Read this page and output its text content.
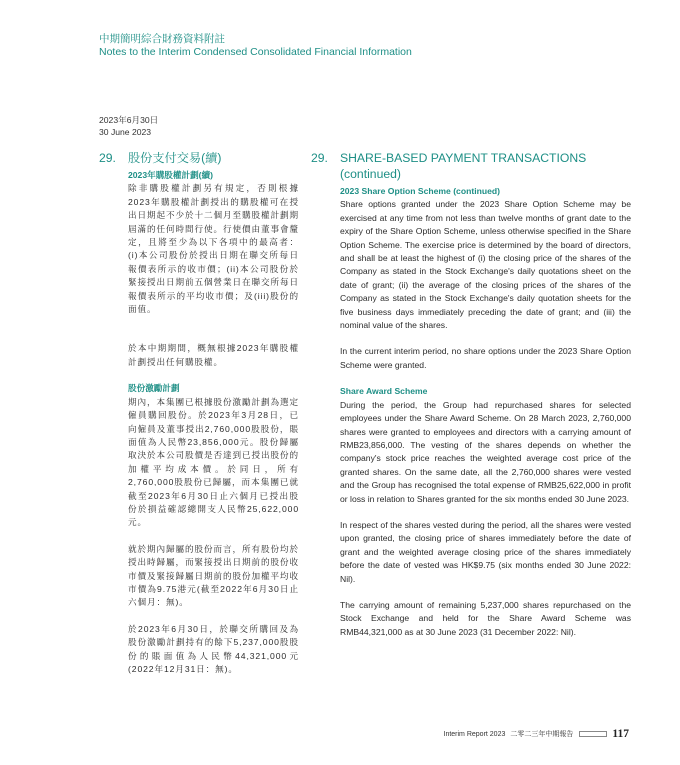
中期簡明綜合財務資料附註
Notes to the Interim Condensed Consolidated Financial Information
2023年6月30日
30 June 2023
29. 股份支付交易(續)
2023年購股權計劃(續)

除非購股權計劃另有規定，否則根據2023年購股權計劃授出的購股權可在授出日期起不少於十二個月至購股權計劃期屆滿的任何時間行使。行使價由董事會釐定，且將至少為以下各項中的最高者：(i)本公司股份於授出日期在聯交所每日報價表所示的收市價；(ii)本公司股份於緊接授出日期前五個營業日在聯交所每日報價表所示的平均收市價；及(iii)股份的面值。

於本中期期間，概無根據2023年購股權計劃授出任何購股權。

股份激勵計劃

期內，本集團已根據股份激勵計劃為選定僱員購回股份。於2023年3月28日，已向僱員及董事授出2,760,000股股份，賬面值為人民幣23,856,000元。股份歸屬取決於本公司股價是否達到已授出股份的加權平均成本價。於同日，所有2,760,000股股份已歸屬，而本集團已就截至2023年6月30日止六個月已授出股份於損益確認總開支人民幣25,622,000元。

就於期內歸屬的股份而言，所有股份均於授出時歸屬，而緊接授出日期前的股份收市價及緊接歸屬日期前的股份加權平均收市價為9.75港元(截至2022年6月30日止六個月：無)。

於2023年6月30日，於聯交所購回及為股份激勵計劃持有的餘下5,237,000股股份的賬面值為人民幣44,321,000元(2022年12月31日：無)。

29. SHARE-BASED PAYMENT TRANSACTIONS (continued)
2023 Share Option Scheme (continued)

Share options granted under the 2023 Share Option Scheme may be exercised at any time from not less than twelve months of grant date to the expiry of the Share Option Scheme, unless otherwise specified in the Share Option Scheme. The exercise price is determined by the board of directors, and shall be at least the highest of (i) the closing price of the shares of the Company as stated in the Stock Exchange's daily quotations sheet on the date of grant; (ii) the average of the closing prices of the shares of the Company as stated in the Stock Exchange's daily quotation sheets for the five business days immediately preceding the date of grant; and (iii) the nominal value of the shares.

In the current interim period, no share options under the 2023 Share Option Scheme were granted.

Share Award Scheme

During the period, the Group had repurchased shares for selected employees under the Share Award Scheme. On 28 March 2023, 2,760,000 shares were granted to employees and directors with a carrying amount of RMB23,856,000. The vesting of the shares depends on whether the company's stock price reaches the weighted average cost price of the granted shares. On the same date, all the 2,760,000 shares were vested and the Group has recognised the total expense of RMB25,622,000 in profit or loss in relation to Shares granted for the six months ended 30 June 2023.

In respect of the shares vested during the period, all the shares were vested upon granted, the closing price of shares immediately before the date of grant and the weighted average closing price of the shares immediately before the date of vested was HK$9.75 (six months ended 30 June 2022: Nil).

The carrying amount of remaining 5,237,000 shares repurchased on the Stock Exchange and held for the Share Award Scheme was RMB44,321,000 as at 30 June 2023 (31 December 2022: Nil).

Interim Report 2023 二零二三年中期報告	117
